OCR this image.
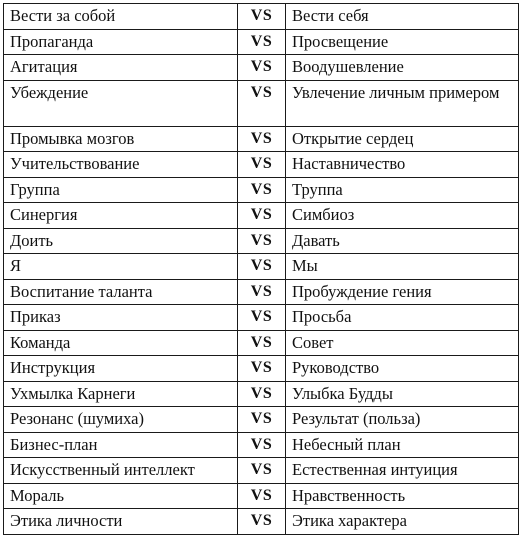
Вести за собой	VS	Вести себя
Пропаганда	VS	Просвещение
Агитация	VS	Воодушевление
Убеждение	VS	Увлечение личным примером
Промывка мозгов	VS	Открытие сердец
Учительствование	VS	Наставничество
Группа	VS	Труппа
Синергия	VS	Симбиоз
Доить	VS	Давать
Я	VS	Мы
Воспитание таланта	VS	Пробуждение гения
Приказ	VS	Просьба
Команда	VS	Совет
Инструкция	VS	Руководство
Ухмылка Карнеги	VS	Улыбка Будды
Резонанс (шумиха)	VS	Результат (польза)
Бизнес-план	VS	Небесный план
Искусственный интеллект	VS	Естественная интуиция
Мораль	VS	Нравственность
Этика личности	VS	Этика характера
